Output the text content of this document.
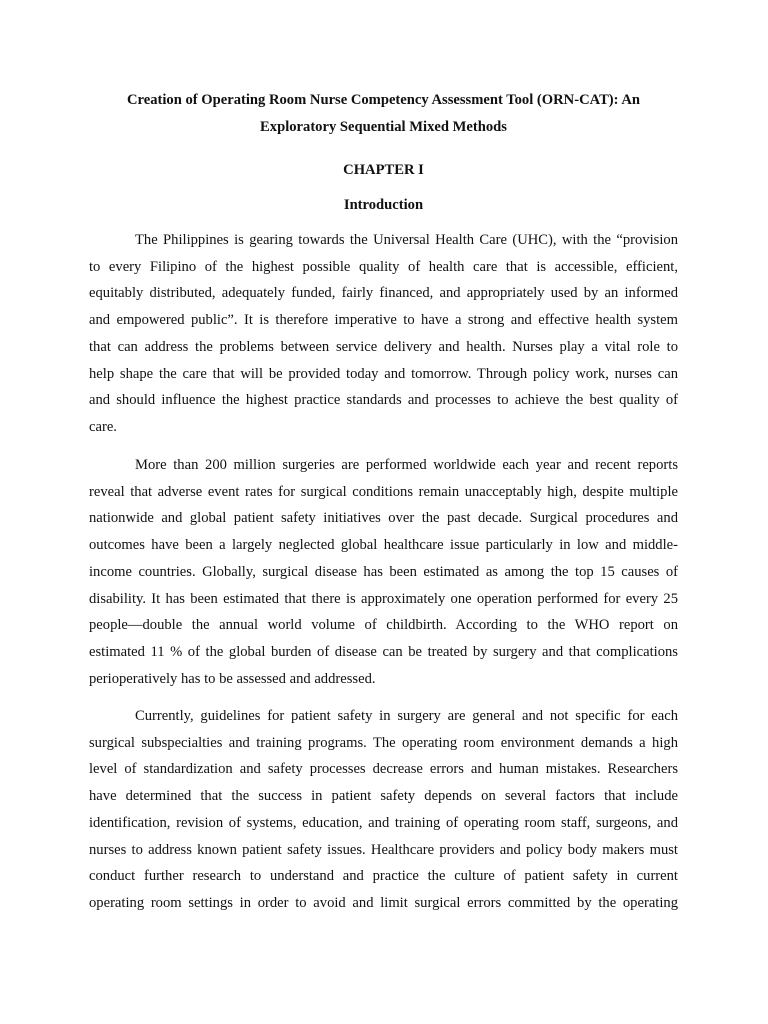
Creation of Operating Room Nurse Competency Assessment Tool (ORN-CAT): An
Exploratory Sequential Mixed Methods
CHAPTER I
Introduction
The Philippines is gearing towards the Universal Health Care (UHC), with the “provision
to every Filipino of the highest possible quality of health care that is accessible, efficient,
equitably distributed, adequately funded, fairly financed, and appropriately used by an informed
and empowered public”. It is therefore imperative to have a strong and effective health system
that can address the problems between service delivery and health. Nurses play a vital role to
help shape the care that will be provided today and tomorrow. Through policy work, nurses can
and should influence the highest practice standards and processes to achieve the best quality of
care.
More than 200 million surgeries are performed worldwide each year and recent reports
reveal that adverse event rates for surgical conditions remain unacceptably high, despite multiple
nationwide and global patient safety initiatives over the past decade. Surgical procedures and
outcomes have been a largely neglected global healthcare issue particularly in low and middle-
income countries. Globally, surgical disease has been estimated as among the top 15 causes of
disability. It has been estimated that there is approximately one operation performed for every 25
people—double the annual world volume of childbirth. According to the WHO report on
estimated 11 % of the global burden of disease can be treated by surgery and that complications
perioperatively has to be assessed and addressed.
Currently, guidelines for patient safety in surgery are general and not specific for each
surgical subspecialties and training programs. The operating room environment demands a high
level of standardization and safety processes decrease errors and human mistakes. Researchers
have determined that the success in patient safety depends on several factors that include
identification, revision of systems, education, and training of operating room staff, surgeons, and
nurses to address known patient safety issues. Healthcare providers and policy body makers must
conduct further research to understand and practice the culture of patient safety in current
operating room settings in order to avoid and limit surgical errors committed by the operating
